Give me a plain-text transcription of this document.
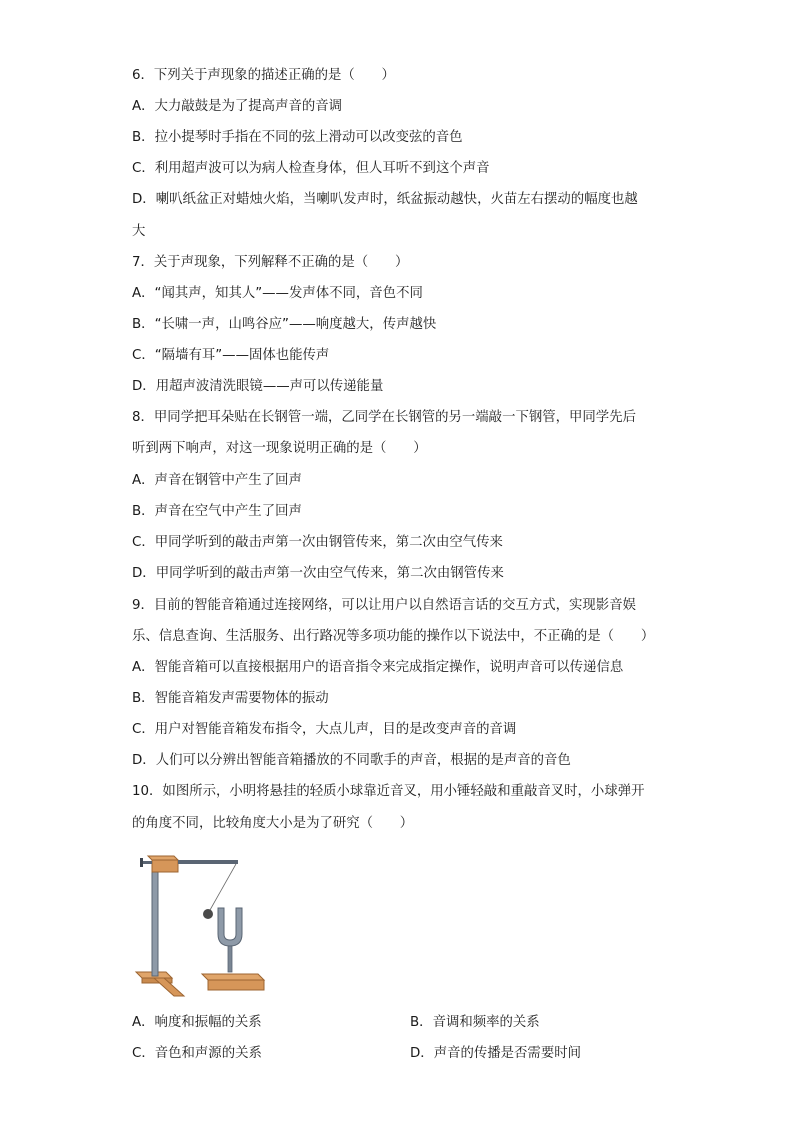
6．下列关于声现象的描述正确的是（　　）
A．大力敲鼓是为了提高声音的音调
B．拉小提琴时手指在不同的弦上滑动可以改变弦的音色
C．利用超声波可以为病人检查身体，但人耳听不到这个声音
D．喇叭纸盆正对蜡烛火焰，当喇叭发声时，纸盆振动越快，火苗左右摆动的幅度也越
大
7．关于声现象，下列解释不正确的是（　　）
A．“闻其声，知其人”——发声体不同，音色不同
B．“长啸一声，山鸣谷应”——响度越大，传声越快
C．“隔墙有耳”——固体也能传声
D．用超声波清洗眼镜——声可以传递能量
8．甲同学把耳朵贴在长钢管一端，乙同学在长钢管的另一端敲一下钢管，甲同学先后
听到两下响声，对这一现象说明正确的是（　　）
A．声音在钢管中产生了回声
B．声音在空气中产生了回声
C．甲同学听到的敲击声第一次由钢管传来，第二次由空气传来
D．甲同学听到的敲击声第一次由空气传来，第二次由钢管传来
9．目前的智能音箱通过连接网络，可以让用户以自然语言话的交互方式，实现影音娱
乐、信息查询、生活服务、出行路况等多项功能的操作以下说法中，不正确的是（　　）
A．智能音箱可以直接根据用户的语音指令来完成指定操作，说明声音可以传递信息
B．智能音箱发声需要物体的振动
C．用户对智能音箱发布指令，大点儿声，目的是改变声音的音调
D．人们可以分辨出智能音箱播放的不同歌手的声音，根据的是声音的音色
10．如图所示，小明将悬挂的轻质小球靠近音叉，用小锤轻敲和重敲音叉时，小球弹开
的角度不同，比较角度大小是为了研究（　　）
A．响度和振幅的关系	B．音调和频率的关系
C．音色和声源的关系	D．声音的传播是否需要时间
